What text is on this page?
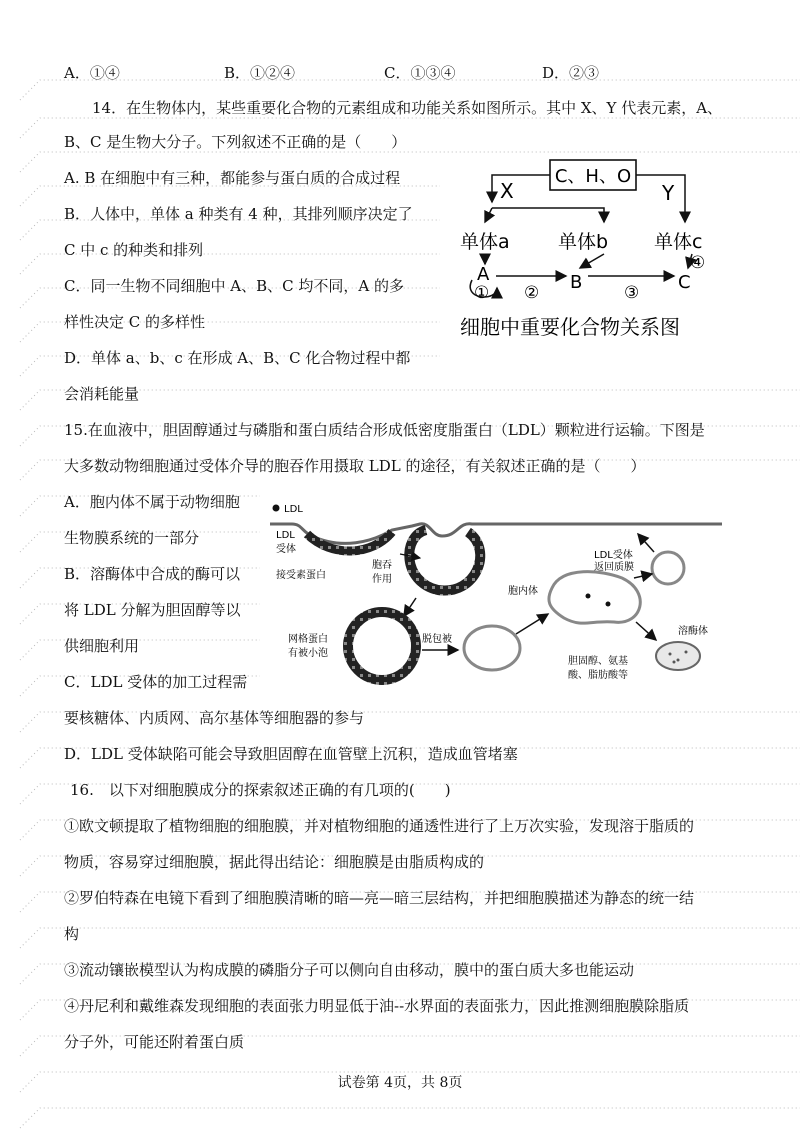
A．①④	B．①②④	C．①③④	D．②③
14．在生物体内，某些重要化合物的元素组成和功能关系如图所示。其中 X、Y 代表元素，A、
B、C 是生物大分子。下列叙述不正确的是（　　）
A. B 在细胞中有三种，都能参与蛋白质的合成过程
B．人体中，单体 a 种类有 4 种，其排列顺序决定了
C 中 c 的种类和排列
C．同一生物不同细胞中 A、B、C 均不同，A 的多
样性决定 C 的多样性
D．单体 a、b、c 在形成 A、B、C 化合物过程中都
会消耗能量
C、H、O
X	Y
单体a	单体b 单体c
A	B	C
① ②	③
④
细胞中重要化合物关系图
15.在血液中，胆固醇通过与磷脂和蛋白质结合形成低密度脂蛋白（LDL）颗粒进行运输。下图是
大多数动物细胞通过受体介导的胞吞作用摄取 LDL 的途径，有关叙述正确的是（　　）
A．胞内体不属于动物细胞
生物膜系统的一部分
B．溶酶体中合成的酶可以
将 LDL 分解为胆固醇等以
供细胞利用
C．LDL 受体的加工过程需
要核糖体、内质网、高尔基体等细胞器的参与
D．LDL 受体缺陷可能会导致胆固醇在血管壁上沉积，造成血管堵塞
LDL
LDL
受体
接受素蛋白
胞吞
作用
网格蛋白
有被小泡
脱包被
胞内体
LDL受体
返回质膜
溶酶体
胆固醇、氨基
酸、脂肪酸等
16.　以下对细胞膜成分的探索叙述正确的有几项的(　　)
①欧文顿提取了植物细胞的细胞膜，并对植物细胞的通透性进行了上万次实验，发现溶于脂质的
物质，容易穿过细胞膜，据此得出结论：细胞膜是由脂质构成的
②罗伯特森在电镜下看到了细胞膜清晰的暗—亮—暗三层结构，并把细胞膜描述为静态的统一结
构
③流动镶嵌模型认为构成膜的磷脂分子可以侧向自由移动，膜中的蛋白质大多也能运动
④丹尼利和戴维森发现细胞的表面张力明显低于油--水界面的表面张力，因此推测细胞膜除脂质
分子外，可能还附着蛋白质
试卷第 4页，共 8页
